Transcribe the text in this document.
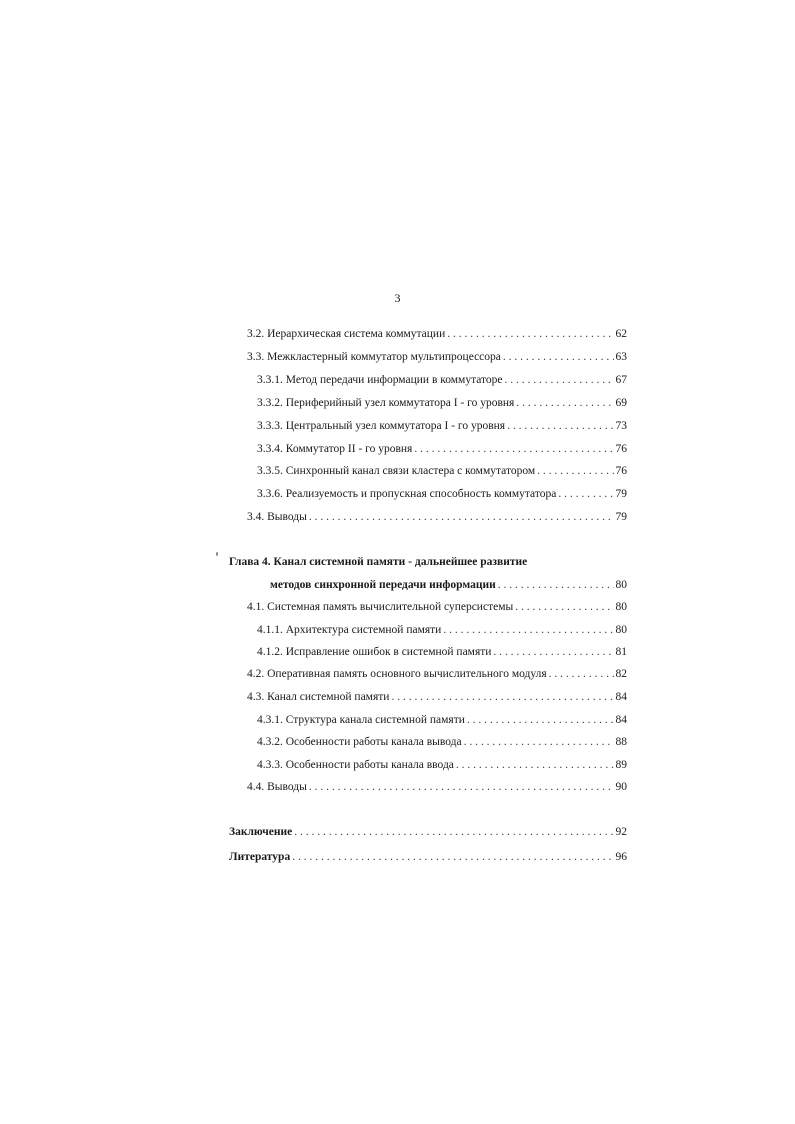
3
3.2. Иерархическая система коммутации . . .	62
3.3. Межкластерный коммутатор мультипроцессора . . .	63
3.3.1. Метод передачи информации в коммутаторе . . .	67
3.3.2. Периферийный узел коммутатора I - го уровня . . .	69
3.3.3. Центральный узел коммутатора I - го уровня . . .	73
3.3.4. Коммутатор II - го уровня . . .	76
3.3.5. Синхронный канал связи кластера с коммутатором . . .	76
3.3.6. Реализуемость и пропускная способность коммутатора . . .	79
3.4. Выводы . . .	79
Глава 4. Канал системной памяти - дальнейшее развитие
методов синхронной передачи информации . . .	80
4.1. Системная память вычислительной суперсистемы . . .	80
4.1.1. Архитектура системной памяти . . .	80
4.1.2. Исправление ошибок в системной памяти . . .	81
4.2. Оперативная память основного вычислительного модуля . . .	82
4.3. Канал системной памяти . . .	84
4.3.1. Структура канала системной памяти . . .	84
4.3.2. Особенности работы канала вывода . . .	88
4.3.3. Особенности работы канала ввода . . .	89
4.4. Выводы . . .	90
Заключение . . .	92
Литература . . .	96
